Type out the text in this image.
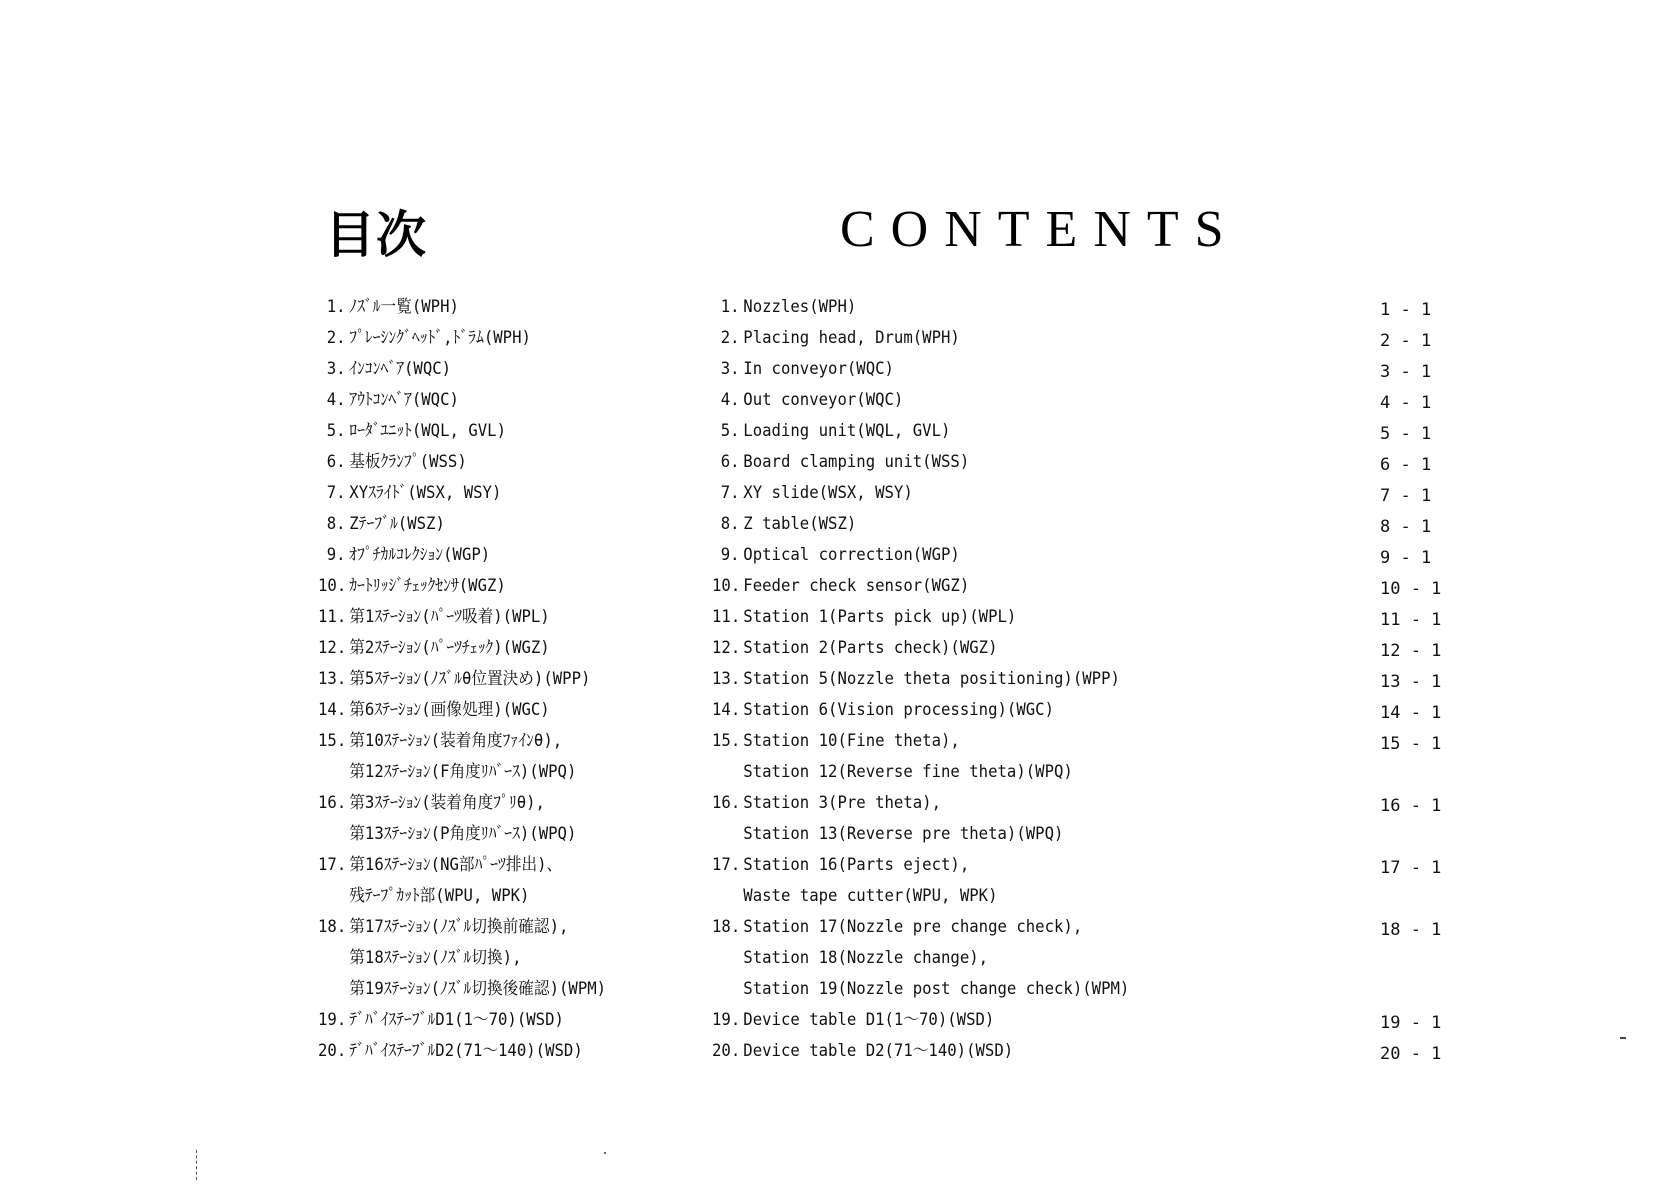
目次	CONTENTS
1. ﾉｽﾞﾙ一覧(WPH)
2. ﾌﾟﾚｰｼﾝｸﾞﾍｯﾄﾞ,ﾄﾞﾗﾑ(WPH)
3. ｲﾝｺﾝﾍﾞｱ(WQC)
4. ｱｳﾄｺﾝﾍﾞｱ(WQC)
5. ﾛｰﾀﾞﾕﾆｯﾄ(WQL, GVL)
6. 基板ｸﾗﾝﾌﾟ(WSS)
7. XYｽﾗｲﾄﾞ(WSX, WSY)
8. Zﾃｰﾌﾞﾙ(WSZ)
9. ｵﾌﾟﾁｶﾙｺﾚｸｼｮﾝ(WGP)
10. ｶｰﾄﾘｯｼﾞﾁｪｯｸｾﾝｻ(WGZ)
11. 第1ｽﾃｰｼｮﾝ(ﾊﾟｰﾂ吸着)(WPL)
12. 第2ｽﾃｰｼｮﾝ(ﾊﾟｰﾂﾁｪｯｸ)(WGZ)
13. 第5ｽﾃｰｼｮﾝ(ﾉｽﾞﾙθ位置決め)(WPP)
14. 第6ｽﾃｰｼｮﾝ(画像処理)(WGC)
15. 第10ｽﾃｰｼｮﾝ(装着角度ﾌｧｲﾝθ),
第12ｽﾃｰｼｮﾝ(F角度ﾘﾊﾞｰｽ)(WPQ)
16. 第3ｽﾃｰｼｮﾝ(装着角度ﾌﾟﾘθ),
第13ｽﾃｰｼｮﾝ(P角度ﾘﾊﾞｰｽ)(WPQ)
17. 第16ｽﾃｰｼｮﾝ(NG部ﾊﾟｰﾂ排出)、
残ﾃｰﾌﾟｶｯﾄ部(WPU, WPK)
18. 第17ｽﾃｰｼｮﾝ(ﾉｽﾞﾙ切換前確認),
第18ｽﾃｰｼｮﾝ(ﾉｽﾞﾙ切換),
第19ｽﾃｰｼｮﾝ(ﾉｽﾞﾙ切換後確認)(WPM)
19. ﾃﾞﾊﾞｲｽﾃｰﾌﾞﾙD1(1～70)(WSD)
20. ﾃﾞﾊﾞｲｽﾃｰﾌﾞﾙD2(71～140)(WSD)
1. Nozzles(WPH)
2. Placing head, Drum(WPH)
3. In conveyor(WQC)
4. Out conveyor(WQC)
5. Loading unit(WQL, GVL)
6. Board clamping unit(WSS)
7. XY slide(WSX, WSY)
8. Z table(WSZ)
9. Optical correction(WGP)
10. Feeder check sensor(WGZ)
11. Station 1(Parts pick up)(WPL)
12. Station 2(Parts check)(WGZ)
13. Station 5(Nozzle theta positioning)(WPP)
14. Station 6(Vision processing)(WGC)
15. Station 10(Fine theta),
Station 12(Reverse fine theta)(WPQ)
16. Station 3(Pre theta),
Station 13(Reverse pre theta)(WPQ)
17. Station 16(Parts eject),
Waste tape cutter(WPU, WPK)
18. Station 17(Nozzle pre change check),
Station 18(Nozzle change),
Station 19(Nozzle post change check)(WPM)
19. Device table D1(1～70)(WSD)
20. Device table D2(71～140)(WSD)
1 - 1
2 - 1
3 - 1
4 - 1
5 - 1
6 - 1
7 - 1
8 - 1
9 - 1
10 - 1
11 - 1
12 - 1
13 - 1
14 - 1
15 - 1
16 - 1
17 - 1
18 - 1
19 - 1
20 - 1
